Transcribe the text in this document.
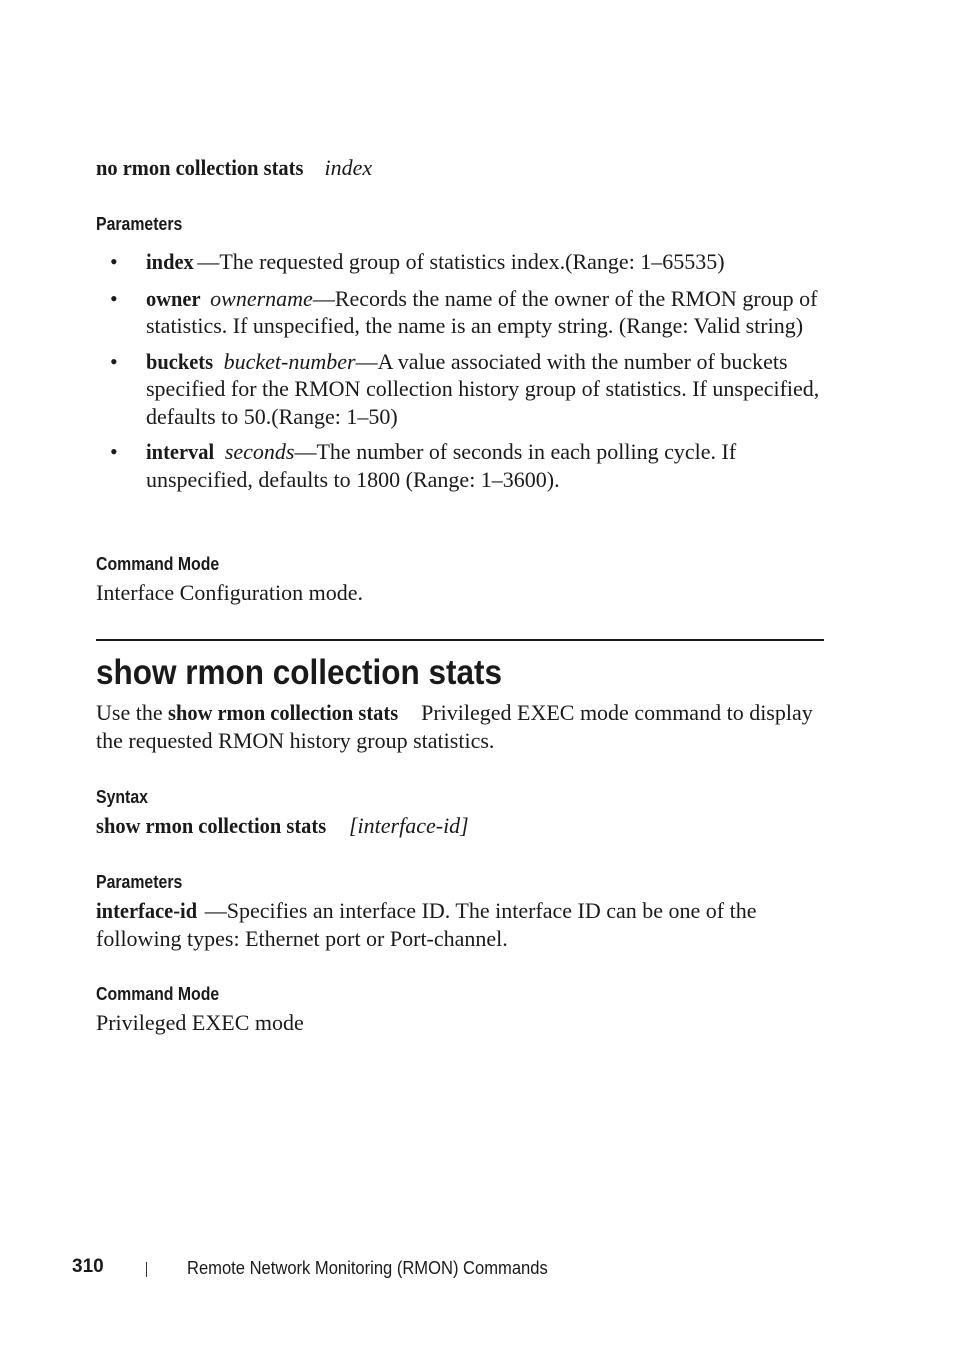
no rmon collection stats index
Parameters
• index —The requested group of statistics index.(Range: 1–65535)
• owner ownername—Records the name of the owner of the RMON group of statistics. If unspecified, the name is an empty string. (Range: Valid string)
• buckets bucket-number—A value associated with the number of buckets specified for the RMON collection history group of statistics. If unspecified, defaults to 50.(Range: 1–50)
• interval seconds—The number of seconds in each polling cycle. If unspecified, defaults to 1800 (Range: 1–3600).
Command Mode
Interface Configuration mode.
show rmon collection stats
Use the show rmon collection stats Privileged EXEC mode command to display the requested RMON history group statistics.
Syntax
show rmon collection stats [interface-id]
Parameters
interface-id —Specifies an interface ID. The interface ID can be one of the following types: Ethernet port or Port-channel.
Command Mode
Privileged EXEC mode
310	Remote Network Monitoring (RMON) Commands
